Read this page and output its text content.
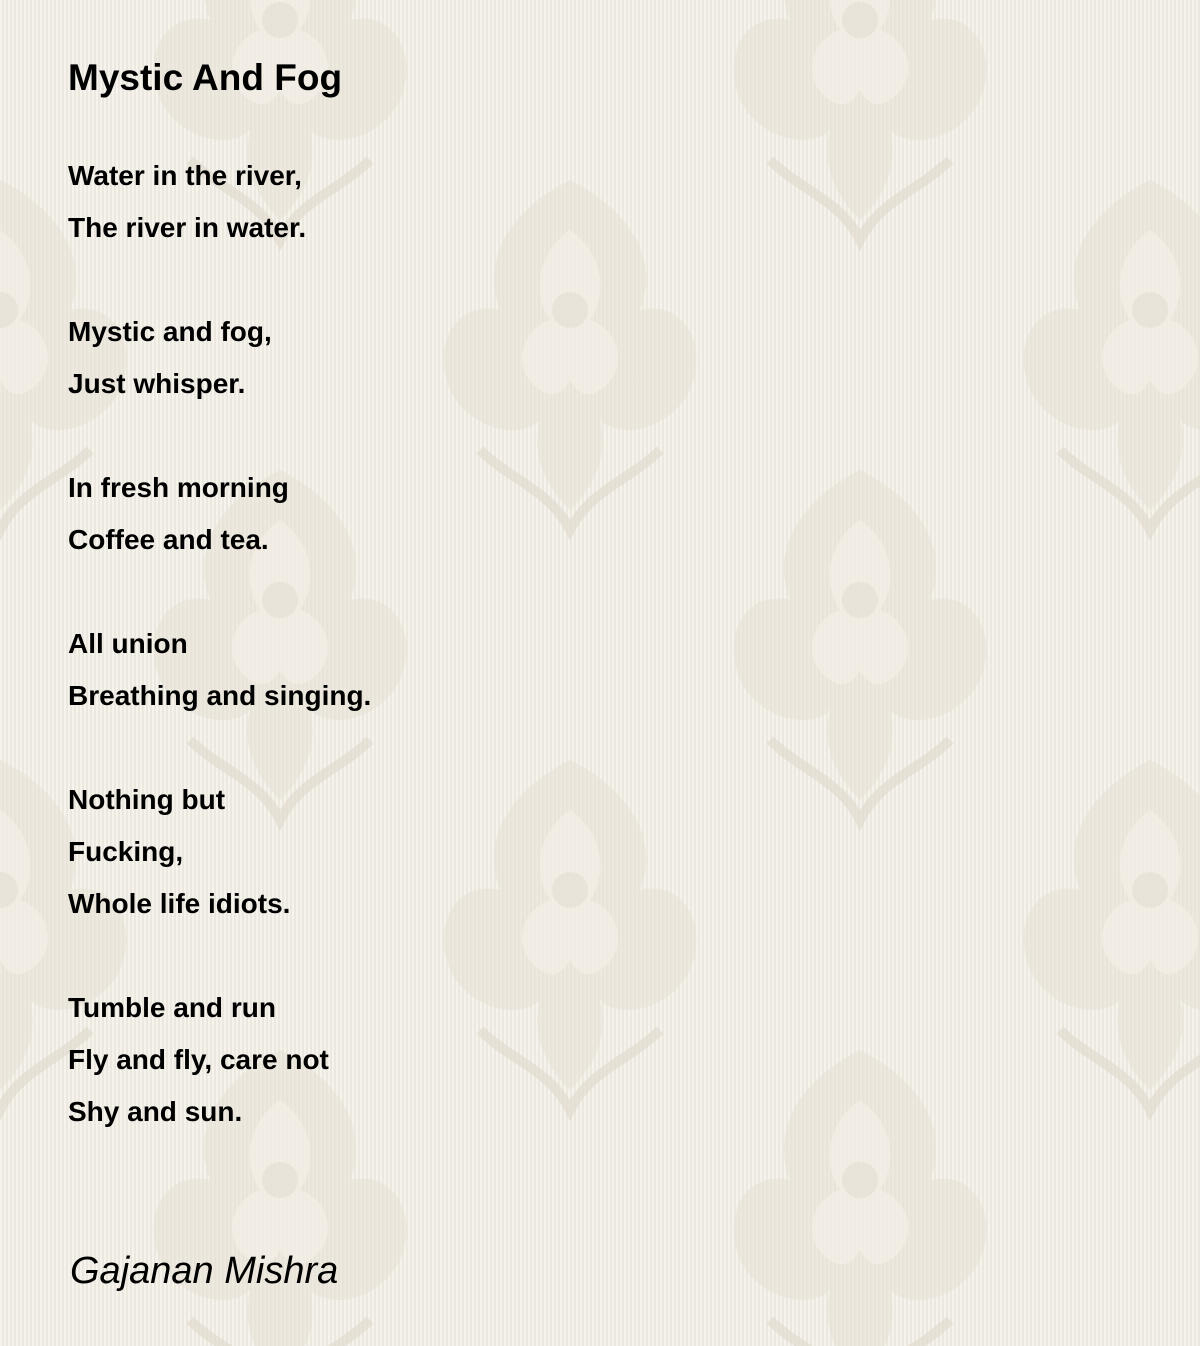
Mystic And Fog
Water in the river,
The river in water.
Mystic and fog,
Just whisper.
In fresh morning
Coffee and tea.
All union
Breathing and singing.
Nothing but
Fucking,
Whole life idiots.
Tumble and run
Fly and fly, care not
Shy and sun.
Gajanan Mishra
